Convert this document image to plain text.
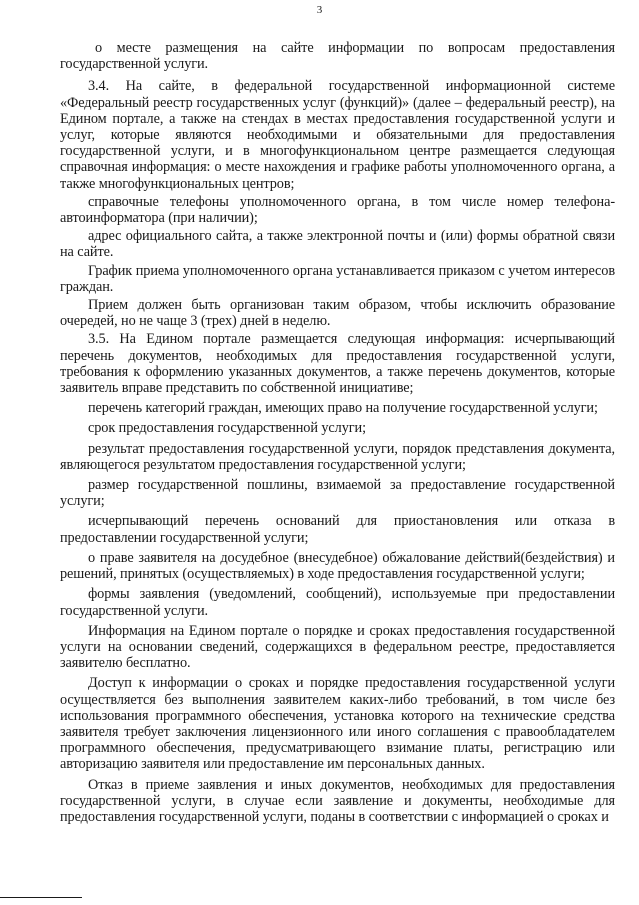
3

о месте размещения на сайте информации по вопросам предоставления государственной услуги.

3.4. На сайте, в федеральной государственной информационной системе «Федеральный реестр государственных услуг (функций)» (далее – федеральный реестр), на Едином портале, а также на стендах в местах предоставления государственной услуги и услуг, которые являются необходимыми и обязательными для предоставления государственной услуги, и в многофункциональном центре размещается следующая справочная информация: о месте нахождения и графике работы уполномоченного органа, а также многофункциональных центров;

справочные телефоны уполномоченного органа, в том числе номер телефона-автоинформатора (при наличии);

адрес официального сайта, а также электронной почты и (или) формы обратной связи на сайте.

График приема уполномоченного органа устанавливается приказом с учетом интересов граждан.

Прием должен быть организован таким образом, чтобы исключить образование очередей, но не чаще 3 (трех) дней в неделю.

3.5. На Едином портале размещается следующая информация: исчерпывающий перечень документов, необходимых для предоставления государственной услуги, требования к оформлению указанных документов, а также перечень документов, которые заявитель вправе представить по собственной инициативе;

перечень категорий граждан, имеющих право на получение государственной услуги;

срок предоставления государственной услуги;

результат предоставления государственной услуги, порядок представления документа, являющегося результатом предоставления государственной услуги;

размер государственной пошлины, взимаемой за предоставление государственной услуги;

исчерпывающий перечень оснований для приостановления или отказа в предоставлении государственной услуги;

о праве заявителя на досудебное (внесудебное) обжалование действий(бездействия) и решений, принятых (осуществляемых) в ходе предоставления государственной услуги;

формы заявления (уведомлений, сообщений), используемые при предоставлении государственной услуги.

Информация на Едином портале о порядке и сроках предоставления государственной услуги на основании сведений, содержащихся в федеральном реестре, предоставляется заявителю бесплатно.

Доступ к информации о сроках и порядке предоставления государственной услуги осуществляется без выполнения заявителем каких-либо требований, в том числе без использования программного обеспечения, установка которого на технические средства заявителя требует заключения лицензионного или иного соглашения с правообладателем программного обеспечения, предусматривающего взимание платы, регистрацию или авторизацию заявителя или предоставление им персональных данных.

Отказ в приеме заявления и иных документов, необходимых для предоставления государственной услуги, в случае если заявление и документы, необходимые для предоставления государственной услуги, поданы в соответствии с информацией о сроках и
